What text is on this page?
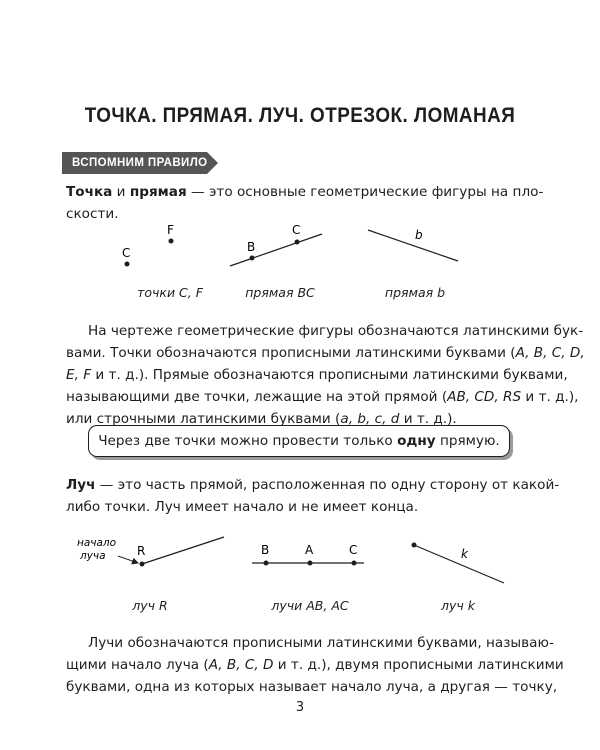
ТОЧКА. ПРЯМАЯ. ЛУЧ. ОТРЕЗОК. ЛОМАНАЯ
ВСПОМНИМ ПРАВИЛО
Точка и прямая — это основные геометрические фигуры на пло-
скости.
C
F
B
C	b
точки C, F	прямая BC	прямая b
На чертеже геометрические фигуры обозначаются латинскими бук-
вами. Точки обозначаются прописными латинскими буквами (A, B, C, D,
E, F и т. д.). Прямые обозначаются прописными латинскими буквами,
называющими две точки, лежащие на этой прямой (AB, CD, RS и т. д.),
или строчными латинскими буквами (a, b, c, d и т. д.).
Через две точки можно провести только одну прямую.
Луч — это часть прямой, расположенная по одну сторону от какой-
либо точки. Луч имеет начало и не имеет конца.
начало
луча	R	B	A	C	k
луч R	лучи AB, AC	луч k
Лучи обозначаются прописными латинскими буквами, называю-
щими начало луча (A, B, C, D и т. д.), двумя прописными латинскими
буквами, одна из которых называет начало луча, а другая — точку,
3
